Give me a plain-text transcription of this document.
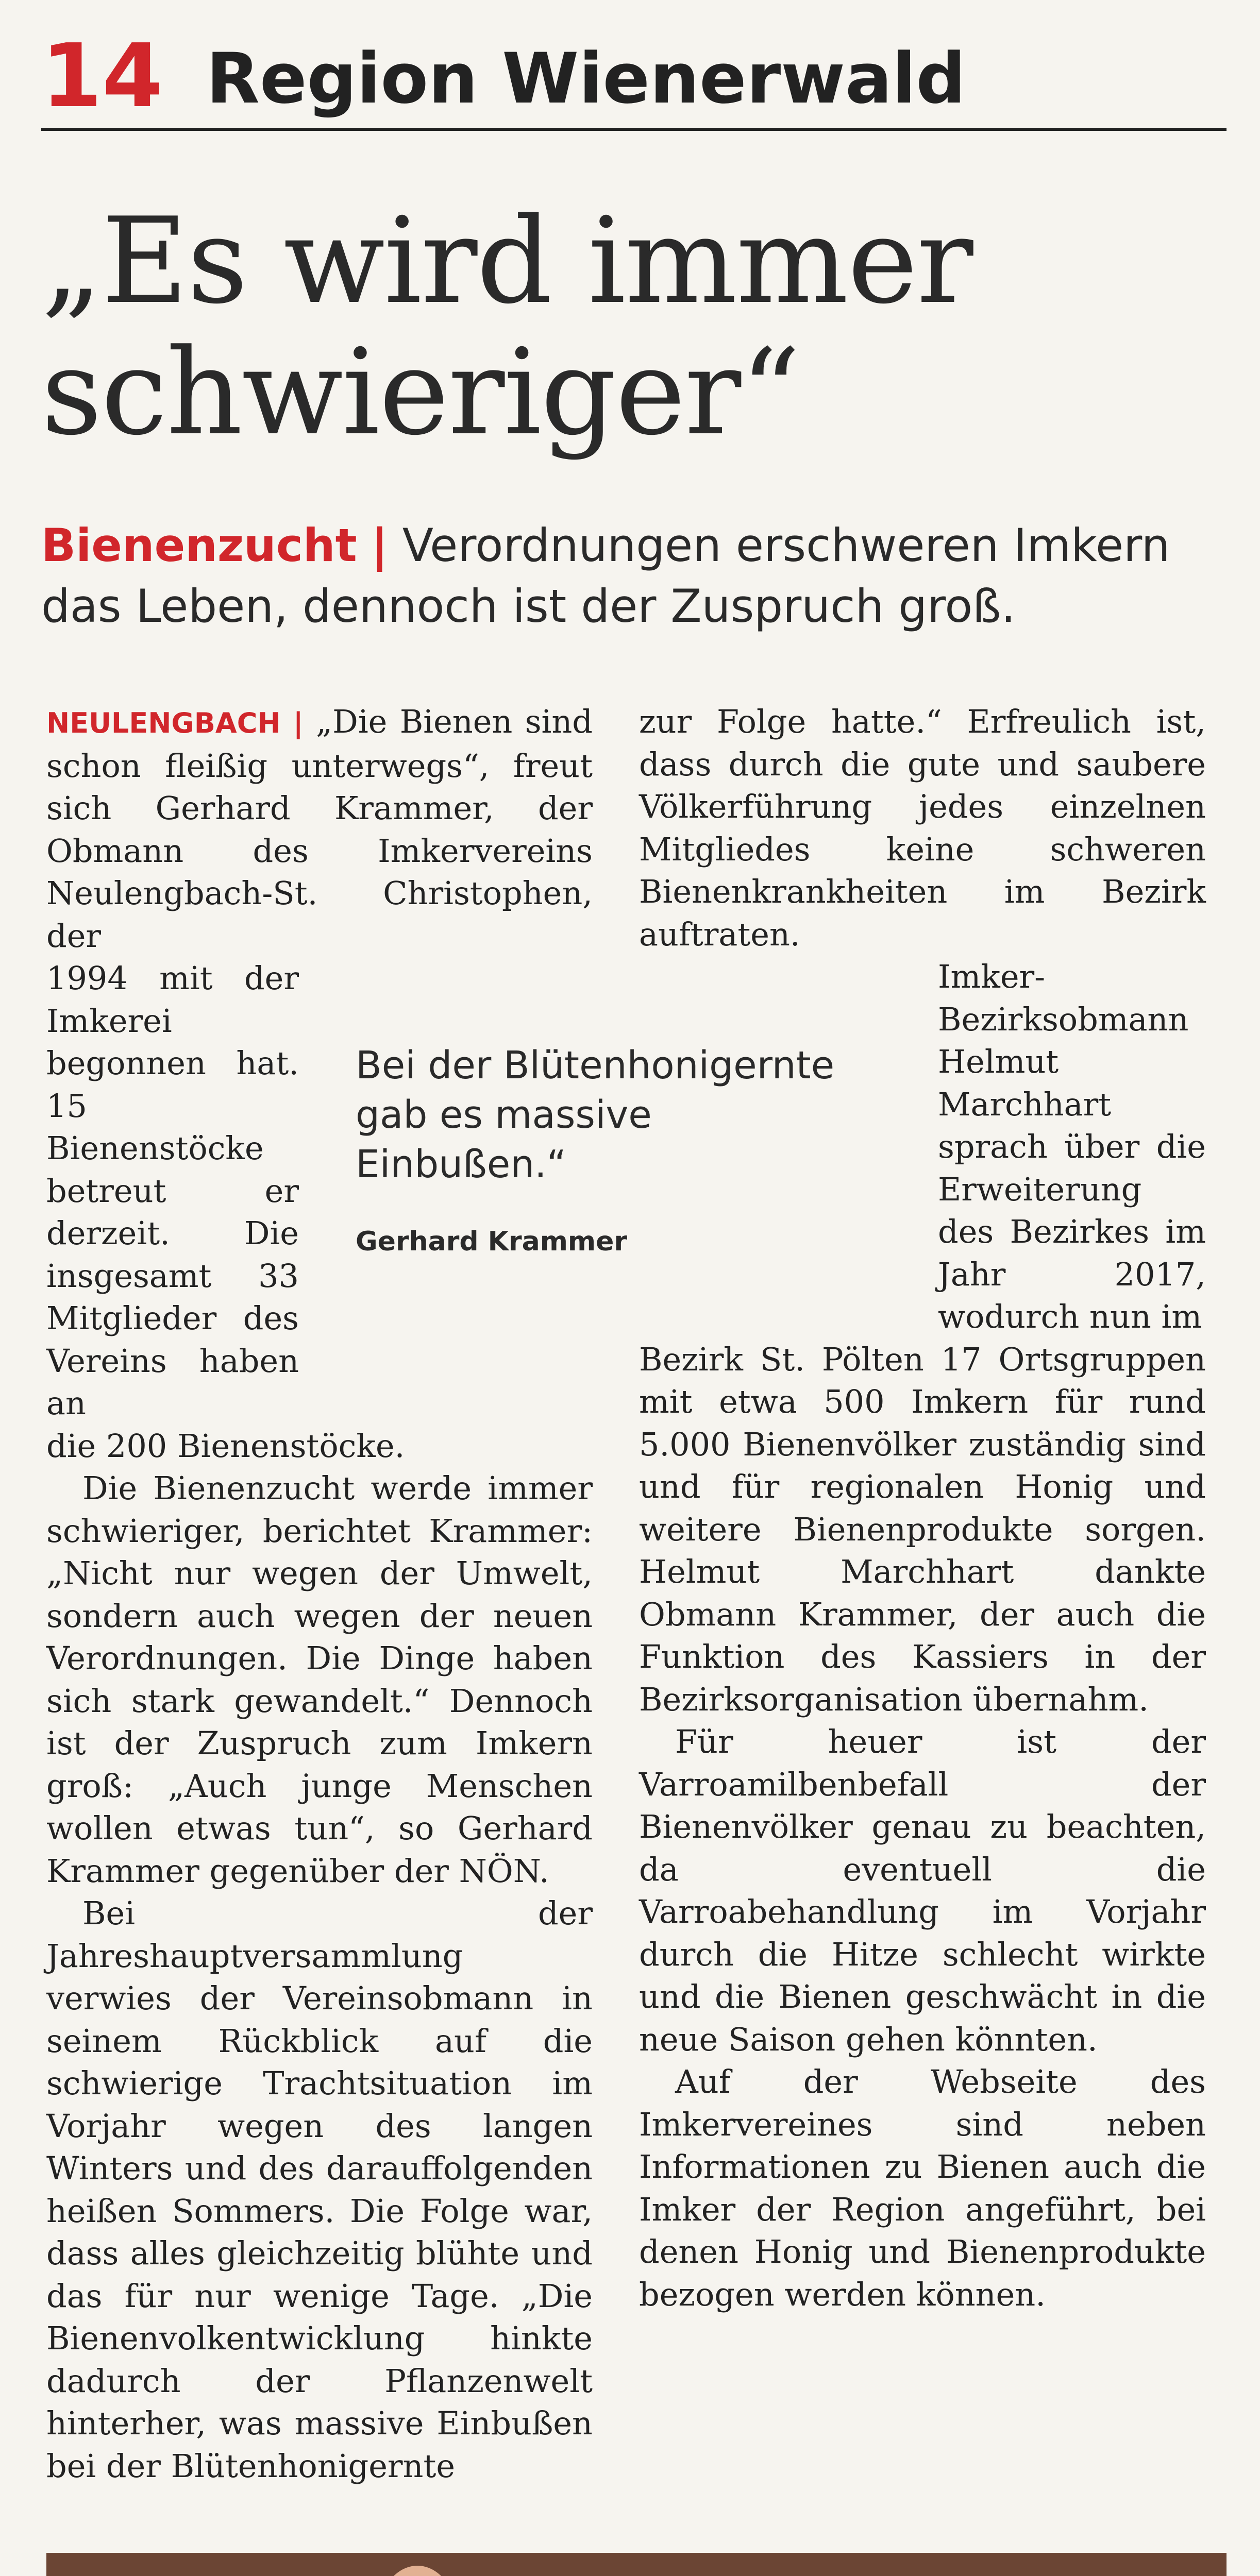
14 Region Wienerwald
„Es wird immer
schwieriger“
Bienenzucht | Verordnungen erschweren Imkern
das Leben, dennoch ist der Zuspruch groß.

NEULENGBACH | „Die Bienen sind schon fleißig unterwegs“, freut sich Gerhard Krammer, der Obmann des Imkervereins Neulengbach-St. Christophen, der

1994 mit der Imkerei begonnen hat. 15 Bienenstöcke betreut er derzeit. Die insgesamt 33 Mitglieder des Vereins haben an

die 200 Bienenstöcke.

Die Bienenzucht werde immer schwieriger, berichtet Krammer: „Nicht nur wegen der Umwelt, sondern auch wegen der neuen Verordnungen. Die Dinge haben sich stark gewandelt.“ Dennoch ist der Zuspruch zum Imkern groß: „Auch junge Menschen wollen etwas tun“, so Gerhard Krammer gegenüber der NÖN.

Bei der Jahreshauptversammlung verwies der Vereinsobmann in seinem Rückblick auf die schwierige Trachtsituation im Vorjahr wegen des langen Winters und des darauffolgenden heißen Sommers. Die Folge war, dass alles gleichzeitig blühte und das für nur wenige Tage. „Die Bienenvolkentwicklung hinkte dadurch der Pflanzenwelt hinterher, was massive Einbußen bei der Blütenhonigernte

Bei der Blütenhonigernte gab es massive Einbußen.“
Gerhard Krammer

zur Folge hatte.“ Erfreulich ist, dass durch die gute und saubere Völkerführung jedes einzelnen Mitgliedes keine schweren Bienenkrankheiten im Bezirk auftraten.

Imker-Bezirksobmann Helmut Marchhart sprach über die Erweiterung des Bezirkes im Jahr 2017, wodurch nun im

Bezirk St. Pölten 17 Ortsgruppen mit etwa 500 Imkern für rund 5.000 Bienenvölker zuständig sind und für regionalen Honig und weitere Bienenprodukte sorgen. Helmut Marchhart dankte Obmann Krammer, der auch die Funktion des Kassiers in der Bezirksorganisation übernahm.

Für heuer ist der Varroamilbenbefall der Bienenvölker genau zu beachten, da eventuell die Varroabehandlung im Vorjahr durch die Hitze schlecht wirkte und die Bienen geschwächt in die neue Saison gehen könnten.

Auf der Webseite des Imkervereines sind neben Informationen zu Bienen auch die Imker der Region angeführt, bei denen Honig und Bienenprodukte bezogen werden können.
